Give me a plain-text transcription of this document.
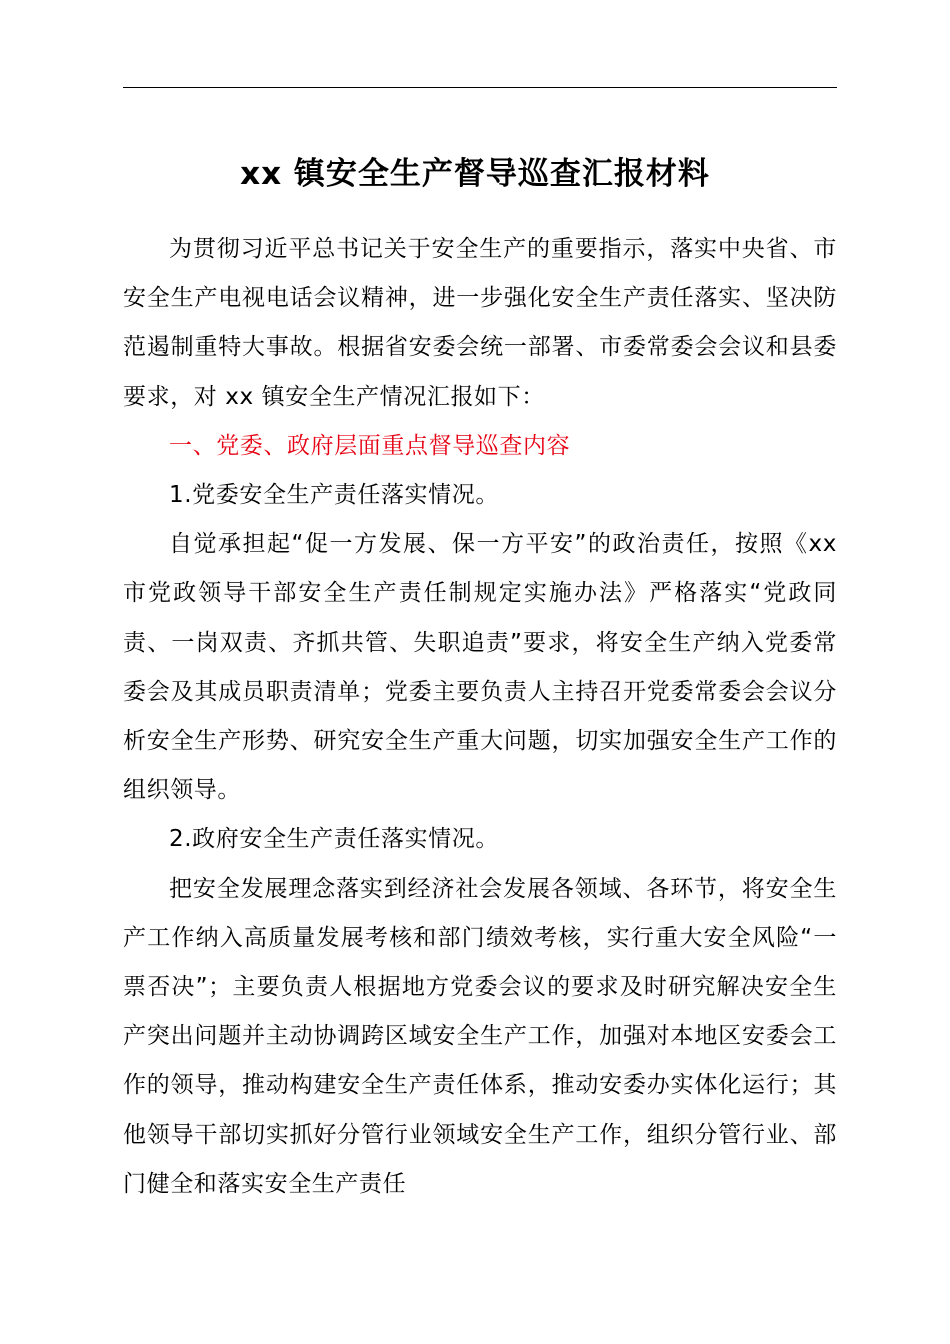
xx 镇安全生产督导巡查汇报材料

为贯彻习近平总书记关于安全生产的重要指示，落实中央省、市安全生产电视电话会议精神，进一步强化安全生产责任落实、坚决防范遏制重特大事故。根据省安委会统一部署、市委常委会会议和县委要求，对 xx 镇安全生产情况汇报如下：

一、党委、政府层面重点督导巡查内容

1.党委安全生产责任落实情况。

自觉承担起“促一方发展、保一方平安”的政治责任，按照《xx 市党政领导干部安全生产责任制规定实施办法》严格落实“党政同责、一岗双责、齐抓共管、失职追责”要求，将安全生产纳入党委常委会及其成员职责清单；党委主要负责人主持召开党委常委会会议分析安全生产形势、研究安全生产重大问题，切实加强安全生产工作的组织领导。

2.政府安全生产责任落实情况。

把安全发展理念落实到经济社会发展各领域、各环节，将安全生产工作纳入高质量发展考核和部门绩效考核，实行重大安全风险“一票否决”；主要负责人根据地方党委会议的要求及时研究解决安全生产突出问题并主动协调跨区域安全生产工作，加强对本地区安委会工作的领导，推动构建安全生产责任体系，推动安委办实体化运行；其他领导干部切实抓好分管行业领域安全生产工作，组织分管行业、部门健全和落实安全生产责任
